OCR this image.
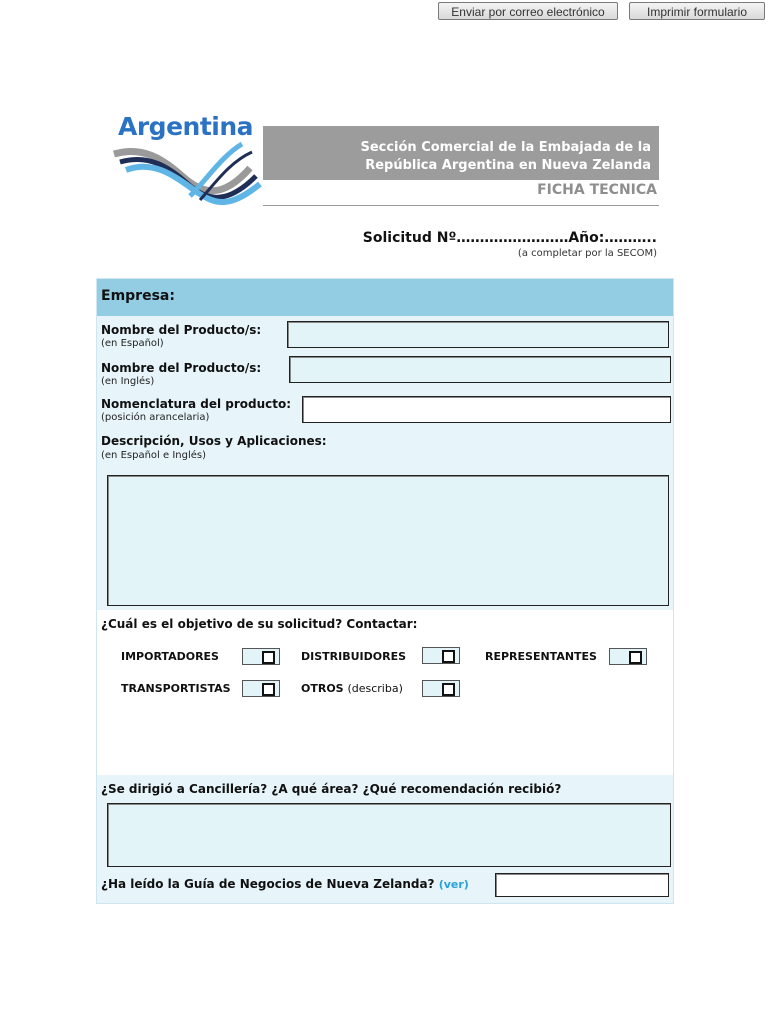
Enviar por correo electrónico	Imprimir formulario
Argentina
Sección Comercial de la Embajada de la
República Argentina en Nueva Zelanda
FICHA TECNICA
Solicitud Nº……………………Año:………..
(a completar por la SECOM)
Empresa:
Nombre del Producto/s:
(en Español)
Nombre del Producto/s:
(en Inglés)
Nomenclatura del producto:
(posición arancelaria)
Descripción, Usos y Aplicaciones:
(en Español e Inglés)
¿Cuál es el objetivo de su solicitud? Contactar:
IMPORTADORES	DISTRIBUIDORES	REPRESENTANTES
TRANSPORTISTAS	OTROS (describa)
¿Se dirigió a Cancillería? ¿A qué área? ¿Qué recomendación recibió?
¿Ha leído la Guía de Negocios de Nueva Zelanda? (ver)
